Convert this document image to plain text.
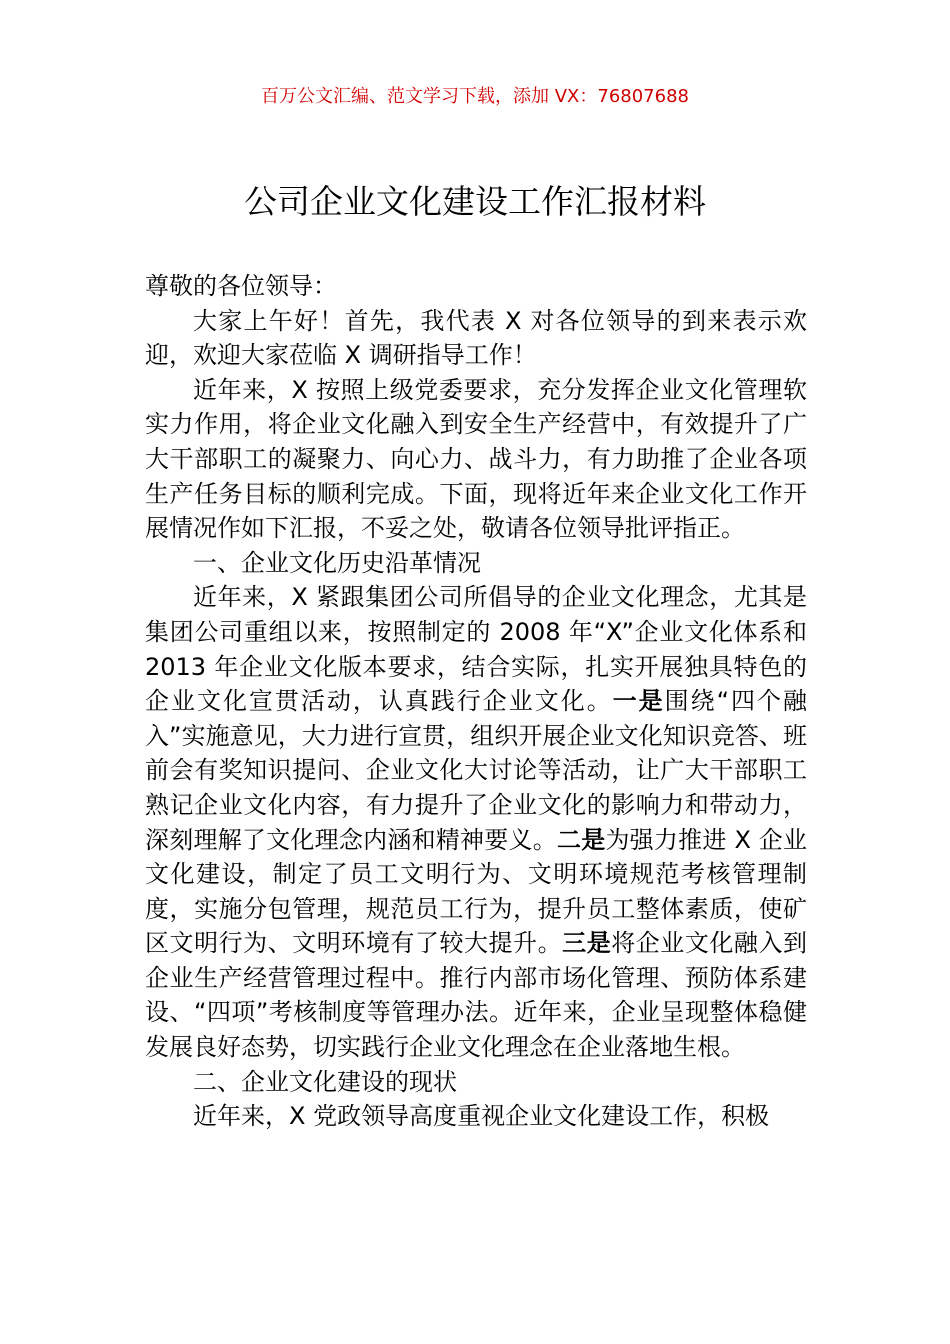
百万公文汇编、范文学习下载，添加 VX：76807688
公司企业文化建设工作汇报材料

尊敬的各位领导：

大家上午好！首先，我代表 X 对各位领导的到来表示欢迎，欢迎大家莅临 X 调研指导工作！

近年来，X 按照上级党委要求，充分发挥企业文化管理软实力作用，将企业文化融入到安全生产经营中，有效提升了广大干部职工的凝聚力、向心力、战斗力，有力助推了企业各项生产任务目标的顺利完成。下面，现将近年来企业文化工作开展情况作如下汇报，不妥之处，敬请各位领导批评指正。

一、企业文化历史沿革情况

近年来，X 紧跟集团公司所倡导的企业文化理念，尤其是集团公司重组以来，按照制定的 2008 年“X”企业文化体系和 2013 年企业文化版本要求，结合实际，扎实开展独具特色的企业文化宣贯活动，认真践行企业文化。一是围绕“四个融入”实施意见，大力进行宣贯，组织开展企业文化知识竞答、班前会有奖知识提问、企业文化大讨论等活动，让广大干部职工熟记企业文化内容，有力提升了企业文化的影响力和带动力，深刻理解了文化理念内涵和精神要义。二是为强力推进 X 企业文化建设，制定了员工文明行为、文明环境规范考核管理制度，实施分包管理，规范员工行为，提升员工整体素质，使矿区文明行为、文明环境有了较大提升。三是将企业文化融入到企业生产经营管理过程中。推行内部市场化管理、预防体系建设、“四项”考核制度等管理办法。近年来，企业呈现整体稳健发展良好态势，切实践行企业文化理念在企业落地生根。

二、企业文化建设的现状

近年来，X 党政领导高度重视企业文化建设工作，积极
